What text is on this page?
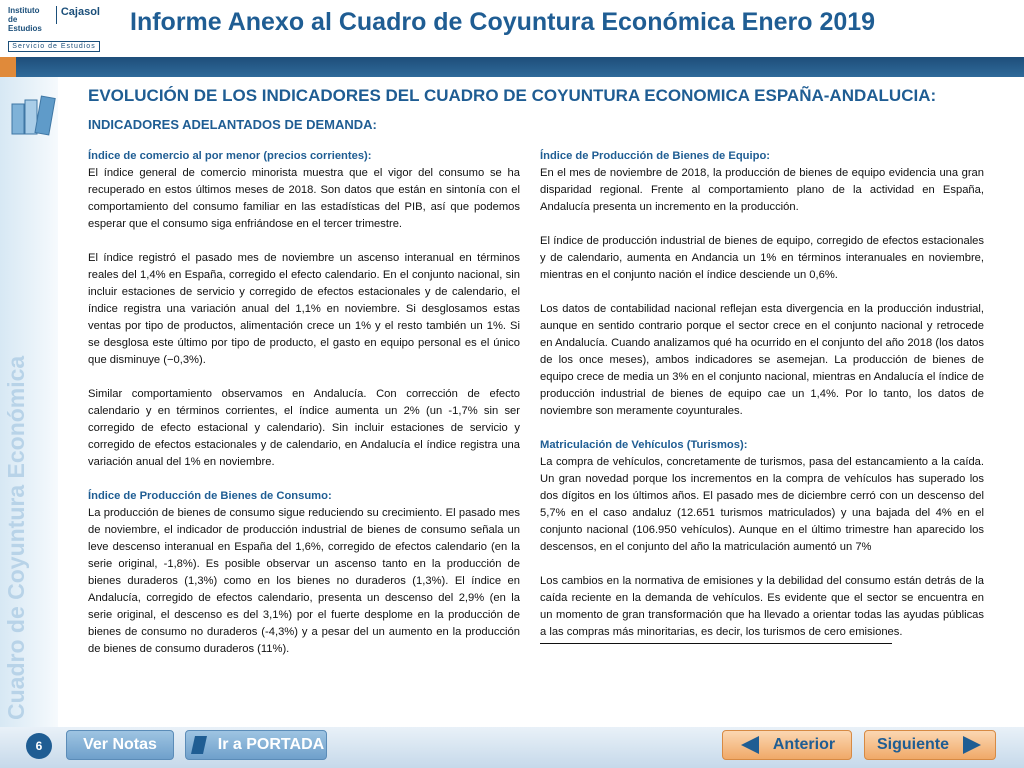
Instituto
de Estudios
Cajasol
Servicio de Estudios
Informe Anexo al Cuadro de Coyuntura Económica Enero 2019
Cuadro de Coyuntura Económica
EVOLUCIÓN DE LOS INDICADORES DEL CUADRO DE COYUNTURA ECONOMICA ESPAÑA-ANDALUCIA:
INDICADORES ADELANTADOS DE DEMANDA:

Índice de comercio al por menor (precios corrientes):

El índice general de comercio minorista muestra que el vigor del consumo se ha recuperado en estos últimos meses de 2018. Son datos que están en sintonía con el comportamiento del consumo familiar en las estadísticas del PIB, así que podemos esperar que el consumo siga enfriándose en el tercer trimestre.

El índice registró el pasado mes de noviembre un ascenso interanual en términos reales del 1,4% en España, corregido el efecto calendario. En el conjunto nacional, sin incluir estaciones de servicio y corregido de efectos estacionales y de calendario, el índice registra una variación anual del 1,1% en noviembre. Si desglosamos estas ventas por tipo de productos, alimentación crece un 1% y el resto también un 1%. Si se desglosa este último por tipo de producto, el gasto en equipo personal es el único que disminuye (−0,3%).

Similar comportamiento observamos en Andalucía. Con corrección de efecto calendario y en términos corrientes, el índice aumenta un 2% (un -1,7% sin ser corregido de efecto estacional y calendario). Sin incluir estaciones de servicio y corregido de efectos estacionales y de calendario, en Andalucía el índice registra una variación anual del 1% en noviembre.

Índice de Producción de Bienes de Consumo:

La producción de bienes de consumo sigue reduciendo su crecimiento. El pasado mes de noviembre, el indicador de producción industrial de bienes de consumo señala un leve descenso interanual en España del 1,6%, corregido de efectos calendario (en la serie original, -1,8%). Es posible observar un ascenso tanto en la producción de bienes duraderos (1,3%) como en los bienes no duraderos (1,3%). El índice en Andalucía, corregido de efectos calendario, presenta un descenso del 2,9% (en la serie original, el descenso es del 3,1%) por el fuerte desplome en la producción de bienes de consumo no duraderos (-4,3%) y a pesar del un aumento en la producción de bienes de consumo duraderos (11%).

Índice de Producción de Bienes de Equipo:

En el mes de noviembre de 2018, la producción de bienes de equipo evidencia una gran disparidad regional. Frente al comportamiento plano de la actividad en España, Andalucía presenta un incremento en la producción.

El índice de producción industrial de bienes de equipo, corregido de efectos estacionales y de calendario, aumenta en Andancia un 1% en términos interanuales en noviembre, mientras en el conjunto nación el índice desciende un 0,6%.

Los datos de contabilidad nacional reflejan esta divergencia en la producción industrial, aunque en sentido contrario porque el sector crece en el conjunto nacional y retrocede en Andalucía. Cuando analizamos qué ha ocurrido en el conjunto del año 2018 (los datos de los once meses), ambos indicadores se asemejan. La producción de bienes de equipo crece de media un 3% en el conjunto nacional, mientras en Andalucía el índice de producción industrial de bienes de equipo cae un 1,4%. Por lo tanto, los datos de noviembre son meramente coyunturales.

Matriculación de Vehículos (Turismos):

La compra de vehículos, concretamente de turismos, pasa del estancamiento a la caída. Un gran novedad porque los incrementos en la compra de vehículos has superado los dos dígitos en los últimos años. El pasado mes de diciembre cerró con un descenso del 5,7% en el caso andaluz (12.651 turismos matriculados) y una bajada del 4% en el conjunto nacional (106.950 vehículos). Aunque en el último trimestre han aparecido los descensos, en el conjunto del año la matriculación aumentó un 7%

Los cambios en la normativa de emisiones y la debilidad del consumo están detrás de la caída reciente en la demanda de vehículos. Es evidente que el sector se encuentra en un momento de gran transformación que ha llevado a orientar todas las ayudas públicas a las compras más minoritarias, es decir, los turismos de cero emisiones.

6	Ver Notas	Ir a PORTADA	Anterior	Siguiente
